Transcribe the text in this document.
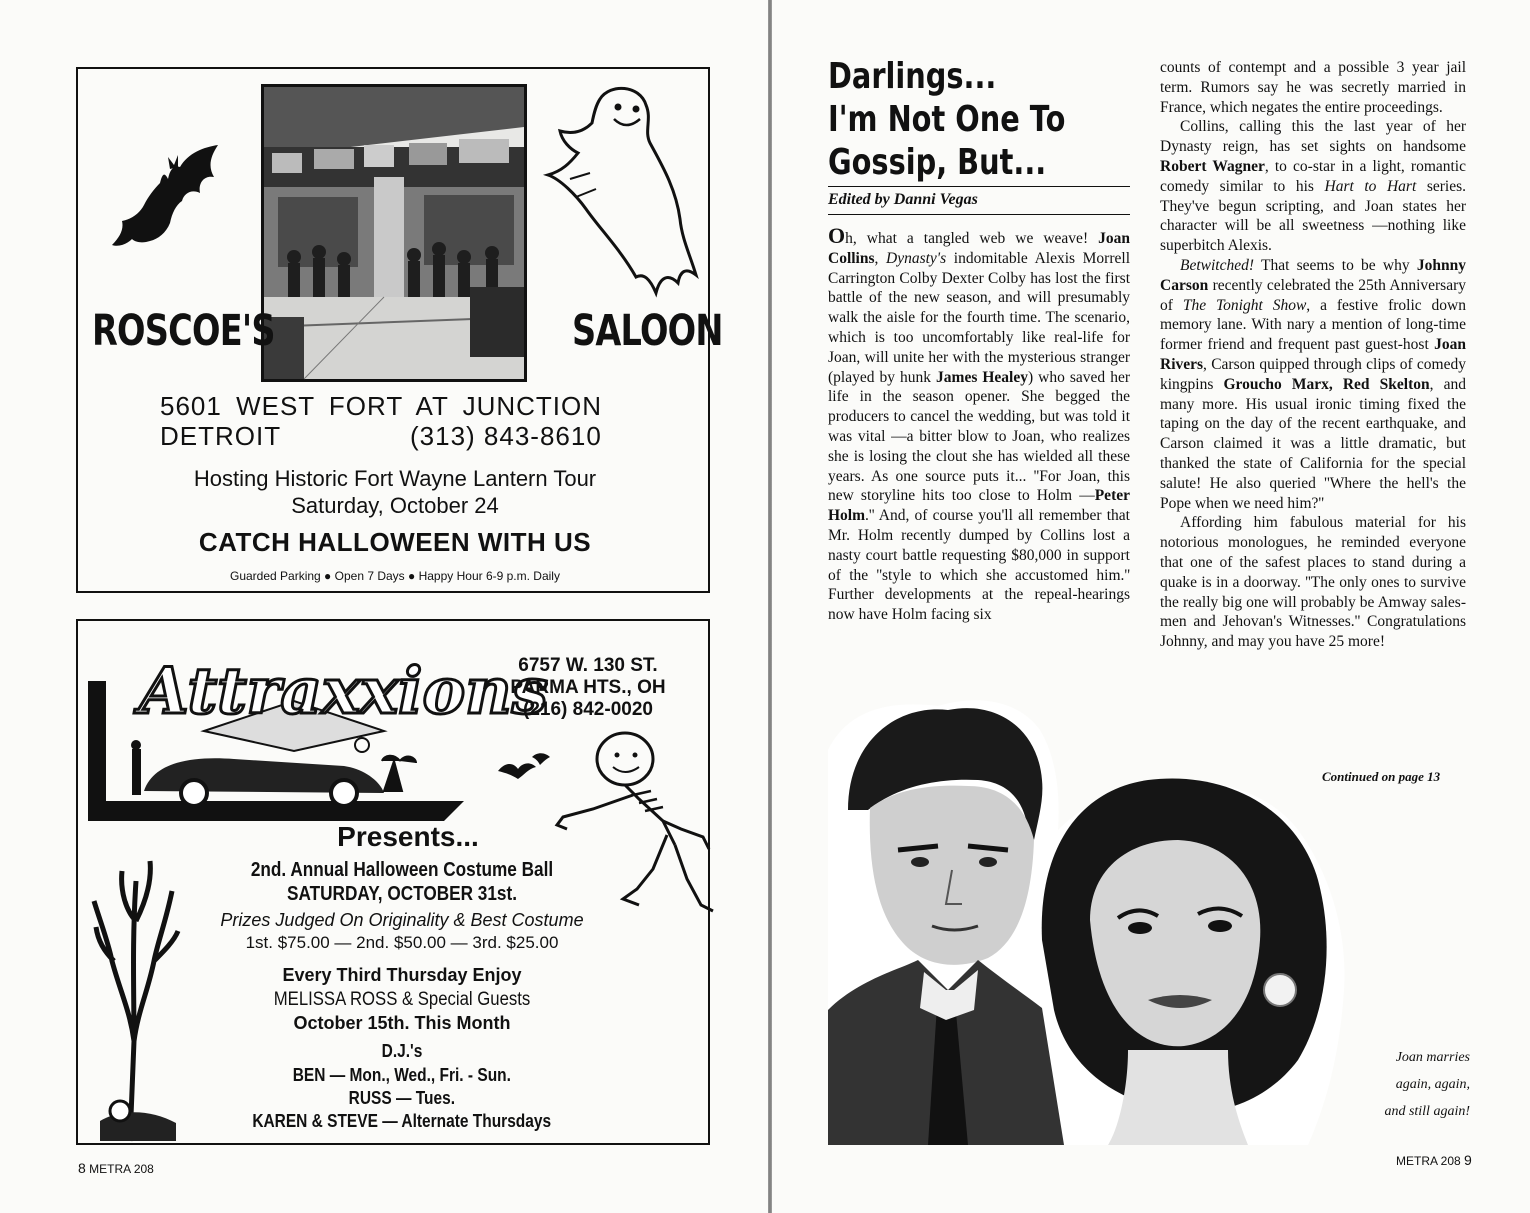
ROSCOE'S	SALOON
5601 WEST FORT AT JUNCTION
DETROIT	(313) 843-8610
Hosting Historic Fort Wayne Lantern Tour
Saturday, October 24
CATCH HALLOWEEN WITH US
Guarded Parking ● Open 7 Days ● Happy Hour 6-9 p.m. Daily
Attraxxions
6757 W. 130 ST.
PARMA HTS., OH
(216) 842-0020
Presents...
2nd. Annual Halloween Costume Ball
SATURDAY, OCTOBER 31st.
Prizes Judged On Originality & Best Costume
1st. $75.00 — 2nd. $50.00 — 3rd. $25.00
Every Third Thursday Enjoy
MELISSA ROSS & Special Guests
October 15th. This Month
D.J.'s
BEN — Mon., Wed., Fri. - Sun.
RUSS — Tues.
KAREN & STEVE — Alternate Thursdays
8 METRA 208
Darlings...
I'm Not One To
Gossip, But...
Edited by Danni Vegas

Oh, what a tangled web we weave! Joan Collins, Dynasty's indomitable Alexis Morrell Carrington Colby Dexter Colby has lost the first battle of the new season, and will presumably walk the aisle for the fourth time. The scenario, which is too uncomfortably like real-life for Joan, will unite her with the mysterious stranger (played by hunk James Healey) who saved her life in the season opener. She begged the producers to cancel the wedding, but was told it was vital —a bitter blow to Joan, who realizes she is losing the clout she has wielded all these years. As one source puts it... ''For Joan, this new storyline hits too close to Holm —Peter Holm.'' And, of course you'll all remember that Mr. Holm recently dumped by Collins lost a nasty court battle requesting $80,000 in support of the ''style to which she accustomed him.'' Further developments at the repeal-hearings now have Holm facing six

counts of contempt and a possible 3 year jail term. Rumors say he was secretly married in France, which negates the entire proceedings.

Collins, calling this the last year of her Dynasty reign, has set sights on handsome Robert Wagner, to co-star in a light, romantic comedy similar to his Hart to Hart series. They've begun scripting, and Joan states her character will be all sweetness —nothing like superbitch Alexis.

Betwitched! That seems to be why Johnny Carson recently celebrated the 25th Anniversary of The Tonight Show, a festive frolic down memory lane. With nary a mention of long-time former friend and frequent past guest-host Joan Rivers, Carson quipped through clips of comedy kingpins Groucho Marx, Red Skelton, and many more. His usual ironic timing fixed the taping on the day of the recent earthquake, and Carson claimed it was a little dramatic, but thanked the state of California for the special salute! He also queried ''Where the hell's the Pope when we need him?''

Affording him fabulous material for his notorious monologues, he reminded everyone that one of the safest places to stand during a quake is in a doorway. ''The only ones to survive the really big one will probably be Amway sales-men and Jehovan's Witnesses.'' Congratulations Johnny, and may you have 25 more!

Continued on page 13
Joan marries
again, again,
and still again!
METRA 208 9
